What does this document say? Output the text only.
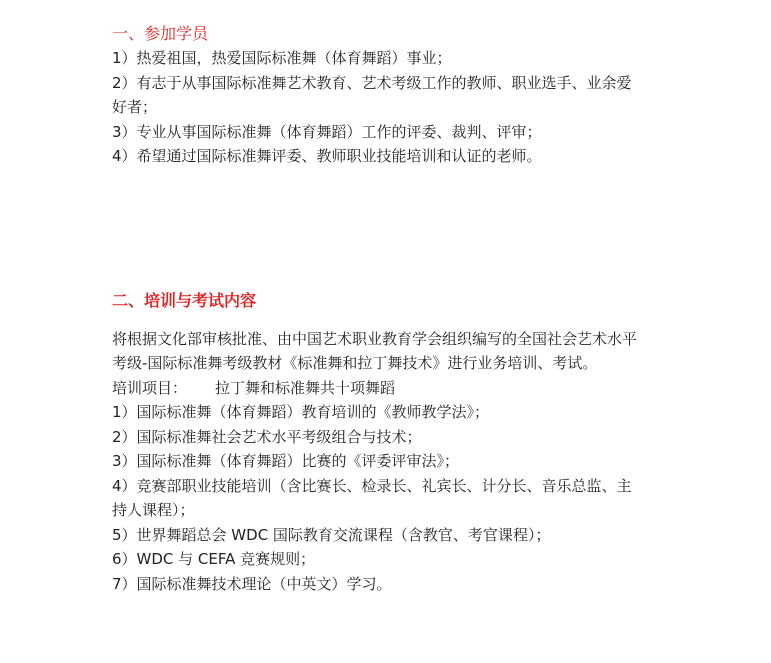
一、参加学员

1）热爱祖国，热爱国际标准舞（体育舞蹈）事业；

2）有志于从事国际标准舞艺术教育、艺术考级工作的教师、职业选手、业余爱

好者；

3）专业从事国际标准舞（体育舞蹈）工作的评委、裁判、评审；

4）希望通过国际标准舞评委、教师职业技能培训和认证的老师。

二、培训与考试内容

将根据文化部审核批准、由中国艺术职业教育学会组织编写的全国社会艺术水平

考级-国际标准舞考级教材《标准舞和拉丁舞技术》进行业务培训、考试。

培训项目： 拉丁舞和标准舞共十项舞蹈

1）国际标准舞（体育舞蹈）教育培训的《教师教学法》；

2）国际标准舞社会艺术水平考级组合与技术；

3）国际标准舞（体育舞蹈）比赛的《评委评审法》；

4）竞赛部职业技能培训（含比赛长、检录长、礼宾长、计分长、音乐总监、主

持人课程）；

5）世界舞蹈总会 WDC 国际教育交流课程（含教官、考官课程）；

6）WDC 与 CEFA 竞赛规则；

7）国际标准舞技术理论（中英文）学习。
